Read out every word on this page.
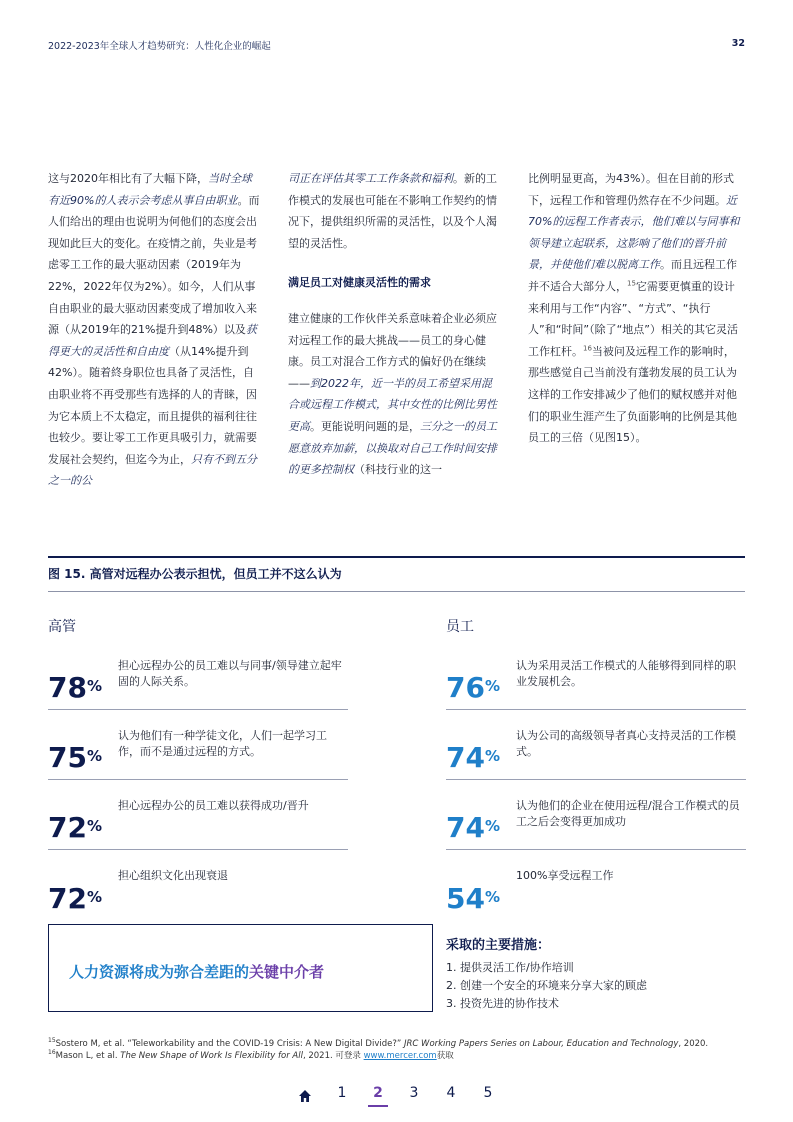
2022-2023年全球人才趋势研究：人性化企业的崛起	32

这与2020年相比有了大幅下降，当时全球有近90%的人表示会考虑从事自由职业。而人们给出的理由也说明为何他们的态度会出现如此巨大的变化。在疫情之前，失业是考虑零工工作的最大驱动因素（2019年为22%，2022年仅为2%）。如今，人们从事自由职业的最大驱动因素变成了增加收入来源（从2019年的21%提升到48%）以及获得更大的灵活性和自由度（从14%提升到42%）。随着終身职位也具备了灵活性，自由职业将不再受那些有选择的人的青睐，因为它本质上不太稳定，而且提供的福利往往也较少。要让零工工作更具吸引力，就需要发展社会契约，但迄今为止，只有不到五分之一的公

司正在评估其零工工作条款和福利。新的工作模式的发展也可能在不影响工作契约的情况下，提供组织所需的灵活性，以及个人渴望的灵活性。

满足员工对健康灵活性的需求

建立健康的工作伙伴关系意味着企业必须应对远程工作的最大挑战——员工的身心健康。员工对混合工作方式的偏好仍在继续——到2022年，近一半的员工希望采用混合或远程工作模式，其中女性的比例比男性更高。更能说明问题的是，三分之一的员工愿意放弃加薪，以换取对自己工作时间安排的更多控制权（科技行业的这一

比例明显更高，为43%）。但在目前的形式下，远程工作和管理仍然存在不少问题。近70%的远程工作者表示，他们难以与同事和领导建立起联系，这影响了他们的晋升前景，并使他们难以脱离工作。而且远程工作并不适合大部分人，$^{15}$它需要更慎重的设计来利用与工作“内容”、“方式”、“执行人”和“时间”（除了“地点”）相关的其它灵活工作杠杆。$^{16}$当被问及远程工作的影响时，那些感觉自己当前没有蓬勃发展的员工认为这样的工作安排减少了他们的赋权感并对他们的职业生涯产生了负面影响的比例是其他员工的三倍（见图15）。

图 15. 高管对远程办公表示担忧，但员工并不这么认为
高管
78%
担心远程办公的员工难以与同事/领导建立起牢固的人际关系。
75%
认为他们有一种学徒文化，人们一起学习工作，而不是通过远程的方式。
72%
担心远程办公的员工难以获得成功/晋升
72%
担心组织文化出现衰退
员工
76%
认为采用灵活工作模式的人能够得到同样的职业发展机会。
74%
认为公司的高级领导者真心支持灵活的工作模式。
74%
认为他们的企业在使用远程/混合工作模式的员工之后会变得更加成功
54%
100%享受远程工作
人力资源将成为弥合差距的关键中介者
采取的主要措施：
1. 提供灵活工作/协作培训
2. 创建一个安全的环境来分享大家的顾虑
3. 投资先进的协作技术
$^{15}$Sostero M, et al. “Teleworkability and the COVID-19 Crisis: A New Digital Divide?” JRC Working Papers Series on Labour, Education and Technology, 2020.
$^{16}$Mason L, et al. The New Shape of Work Is Flexibility for All, 2021. 可登录 www.mercer.com获取
1	2	3	4	5
